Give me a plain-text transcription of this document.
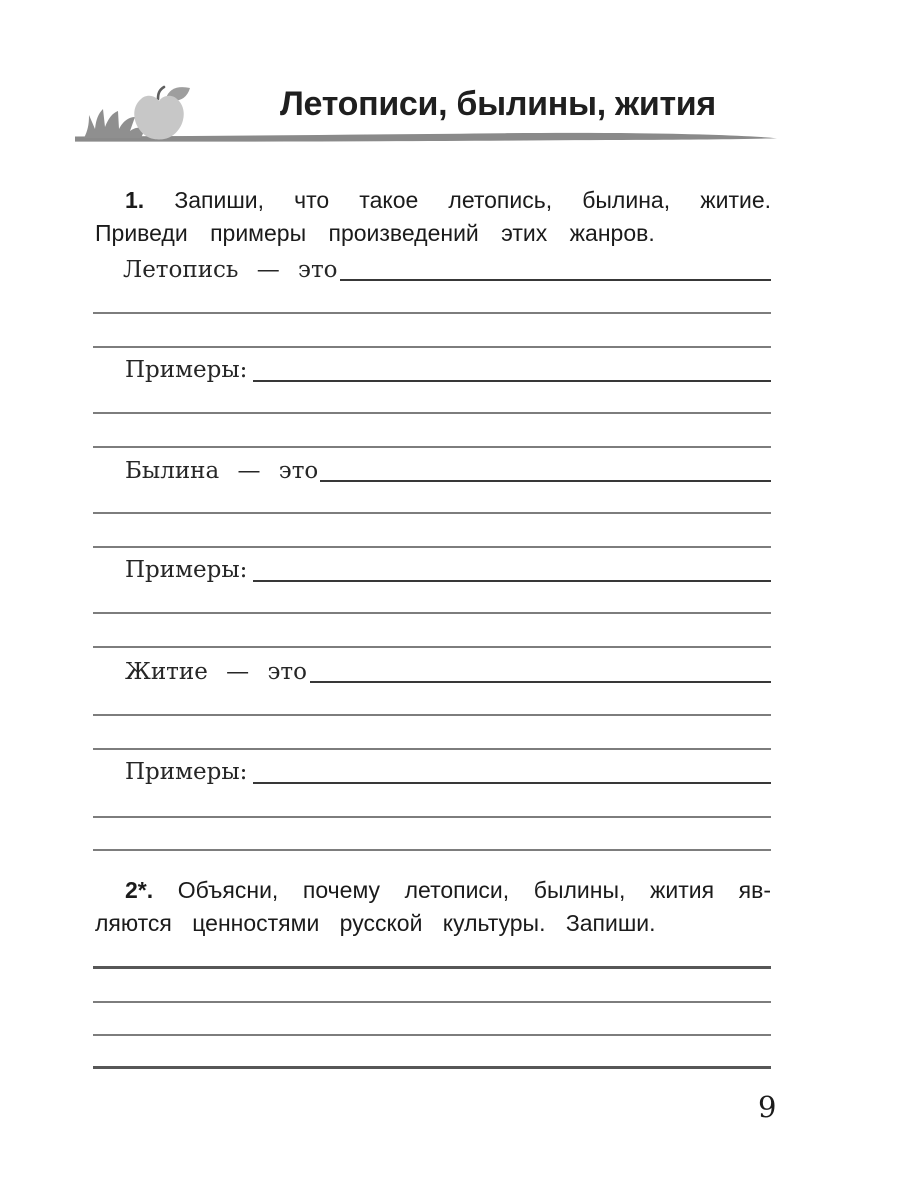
Летописи, былины, жития
1. Запиши, что такое летопись, былина, житие.
Приведи примеры произведений этих жанров.
Летопись — это
Примеры:
Былина — это
Примеры:
Житие — это
Примеры:
2*. Объясни, почему летописи, былины, жития яв-
ляются ценностями русской культуры. Запиши.
9
